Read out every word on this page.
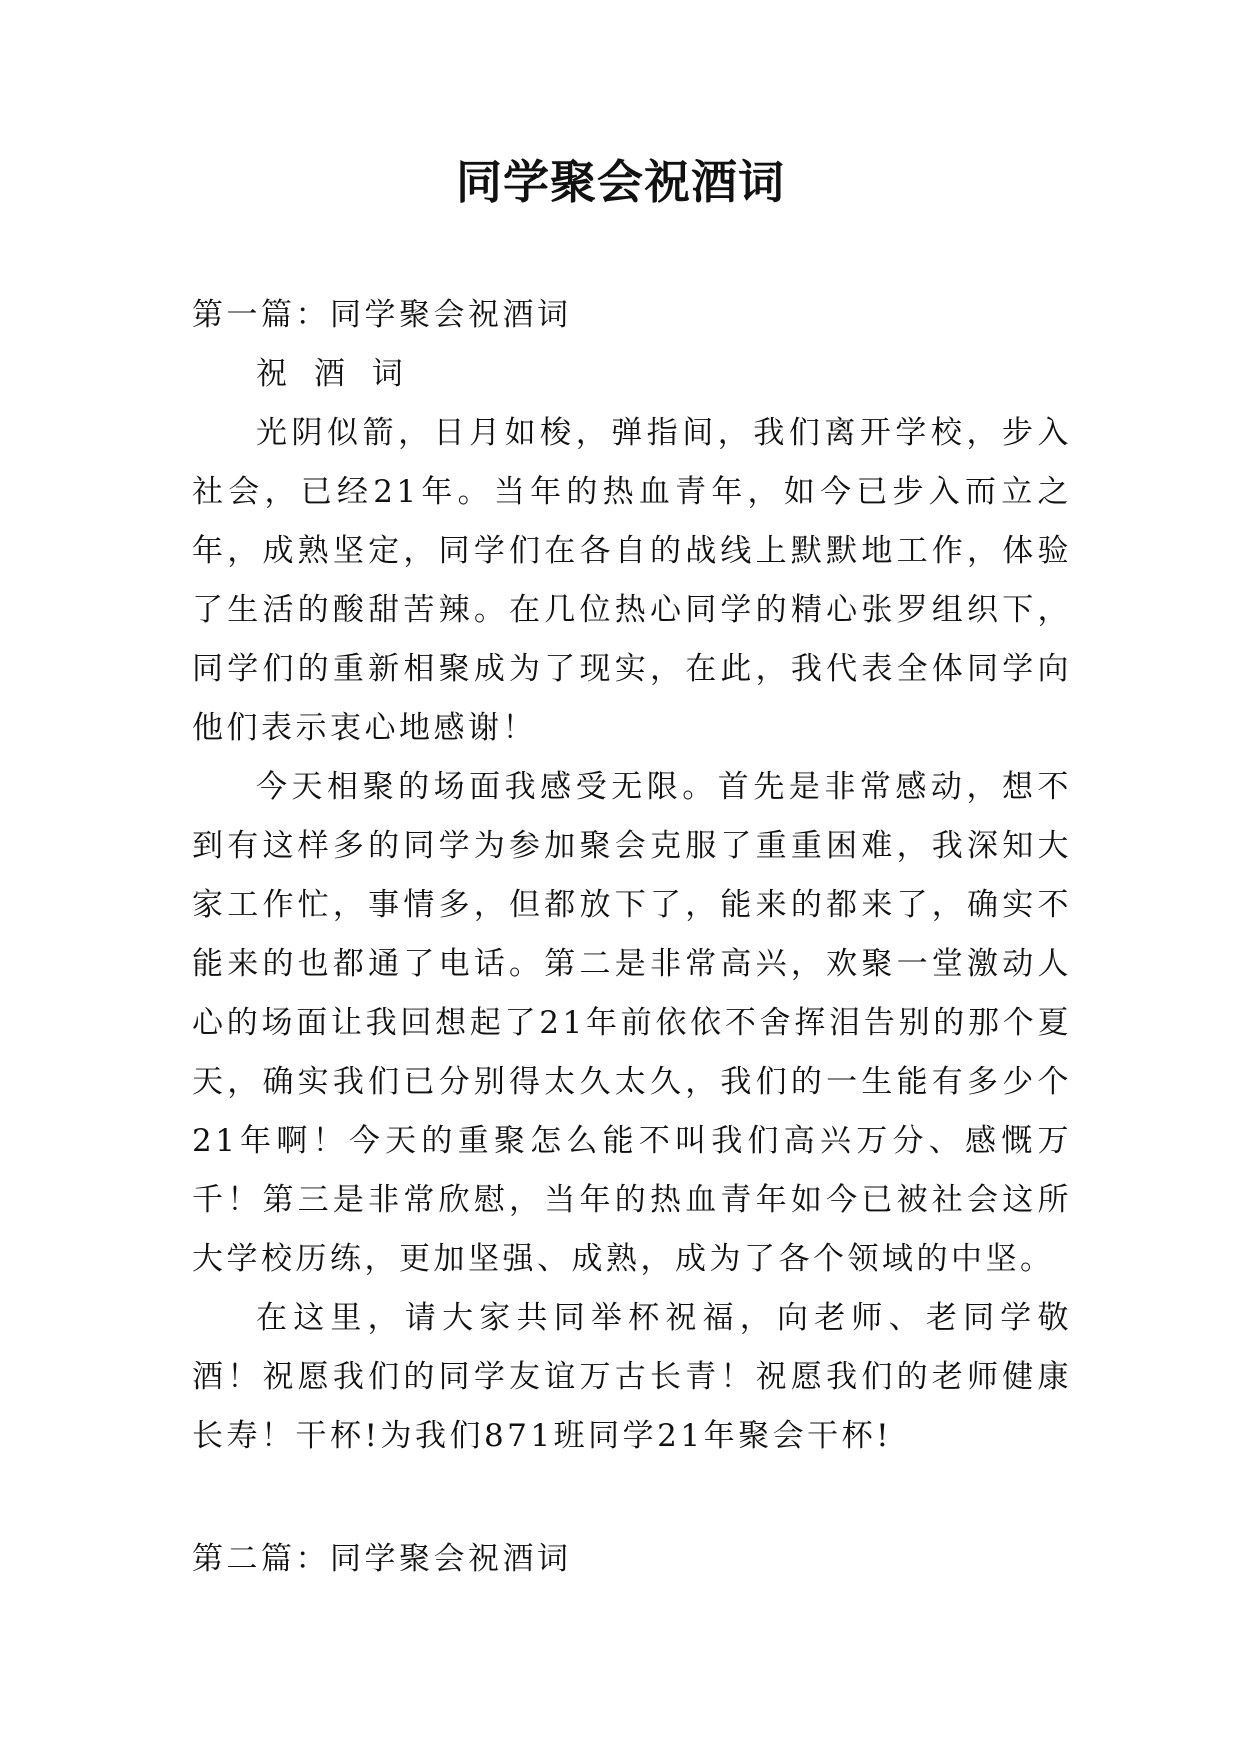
同学聚会祝酒词
第一篇：同学聚会祝酒词

祝 酒 词

光阴似箭，日月如梭，弹指间，我们离开学校，步入社会，已经21年。当年的热血青年，如今已步入而立之年，成熟坚定，同学们在各自的战线上默默地工作，体验了生活的酸甜苦辣。在几位热心同学的精心张罗组织下，同学们的重新相聚成为了现实，在此，我代表全体同学向他们表示衷心地感谢！

今天相聚的场面我感受无限。首先是非常感动，想不到有这样多的同学为参加聚会克服了重重困难，我深知大家工作忙，事情多，但都放下了，能来的都来了，确实不能来的也都通了电话。第二是非常高兴，欢聚一堂激动人心的场面让我回想起了21年前依依不舍挥泪告别的那个夏天，确实我们已分别得太久太久，我们的一生能有多少个21年啊！今天的重聚怎么能不叫我们高兴万分、感慨万千！第三是非常欣慰，当年的热血青年如今已被社会这所大学校历练，更加坚强、成熟，成为了各个领域的中坚。

在这里，请大家共同举杯祝福，向老师、老同学敬酒！祝愿我们的同学友谊万古长青！祝愿我们的老师健康长寿！干杯!为我们871班同学21年聚会干杯!

第二篇：同学聚会祝酒词
